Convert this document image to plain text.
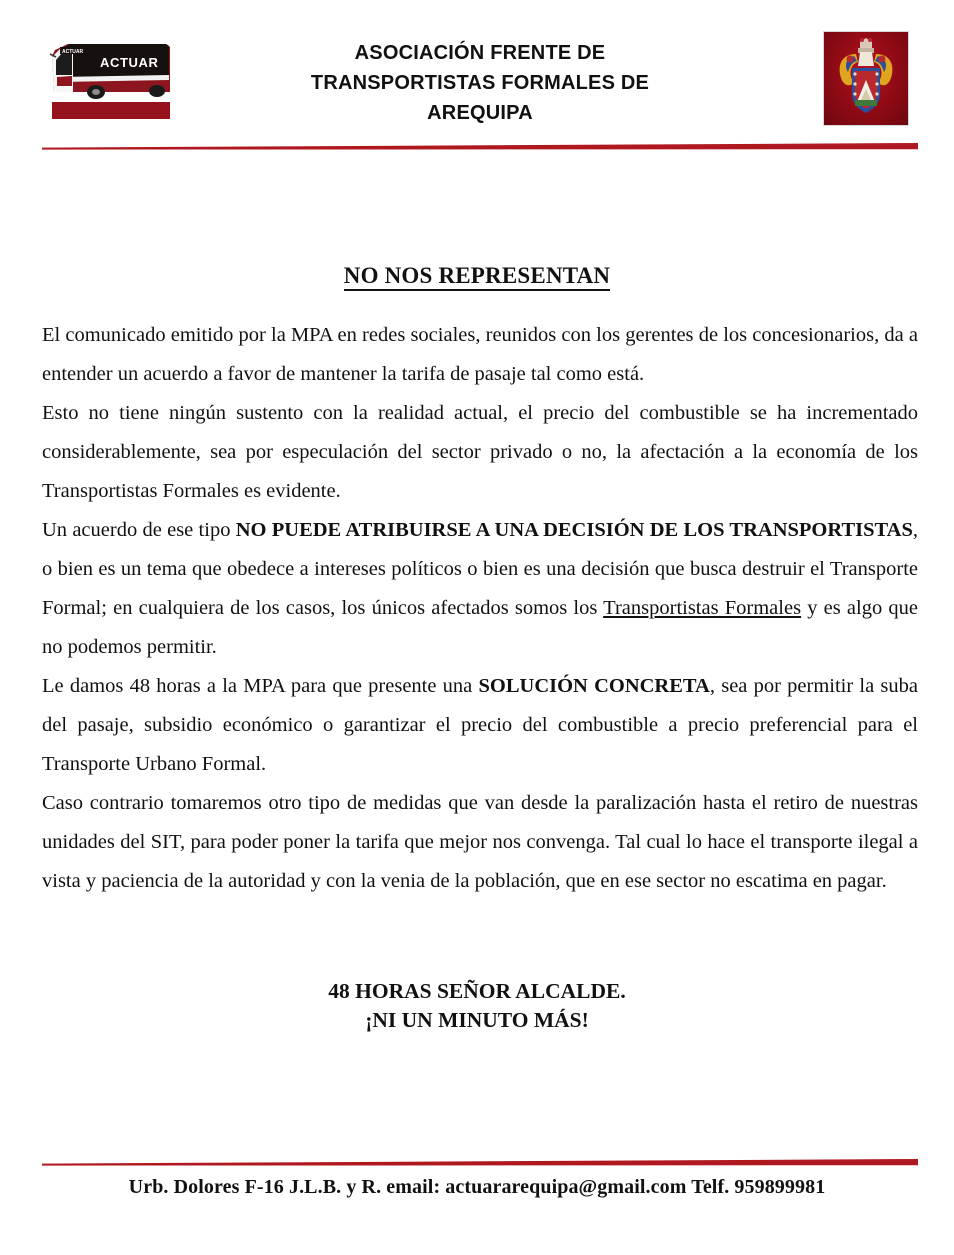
ACTUAR
ACTUAR	ASOCIACIÓN FRENTE DE
TRANSPORTISTAS FORMALES DE
AREQUIPA
NO NOS REPRESENTAN

El comunicado emitido por la MPA en redes sociales, reunidos con los gerentes de los concesionarios, da a entender un acuerdo a favor de mantener la tarifa de pasaje tal como está.

Esto no tiene ningún sustento con la realidad actual, el precio del combustible se ha incrementado considerablemente, sea por especulación del sector privado o no, la afectación a la economía de los Transportistas Formales es evidente.

Un acuerdo de ese tipo NO PUEDE ATRIBUIRSE A UNA DECISIÓN DE LOS TRANSPORTISTAS, o bien es un tema que obedece a intereses políticos o bien es una decisión que busca destruir el Transporte Formal; en cualquiera de los casos, los únicos afectados somos los Transportistas Formales y es algo que no podemos permitir.

Le damos 48 horas a la MPA para que presente una SOLUCIÓN CONCRETA, sea por permitir la suba del pasaje, subsidio económico o garantizar el precio del combustible a precio preferencial para el Transporte Urbano Formal.

Caso contrario tomaremos otro tipo de medidas que van desde la paralización hasta el retiro de nuestras unidades del SIT, para poder poner la tarifa que mejor nos convenga. Tal cual lo hace el transporte ilegal a vista y paciencia de la autoridad y con la venia de la población, que en ese sector no escatima en pagar.

48 HORAS SEÑOR ALCALDE.
¡NI UN MINUTO MÁS!
Urb. Dolores F-16 J.L.B. y R. email: actuararequipa@gmail.com Telf. 959899981
